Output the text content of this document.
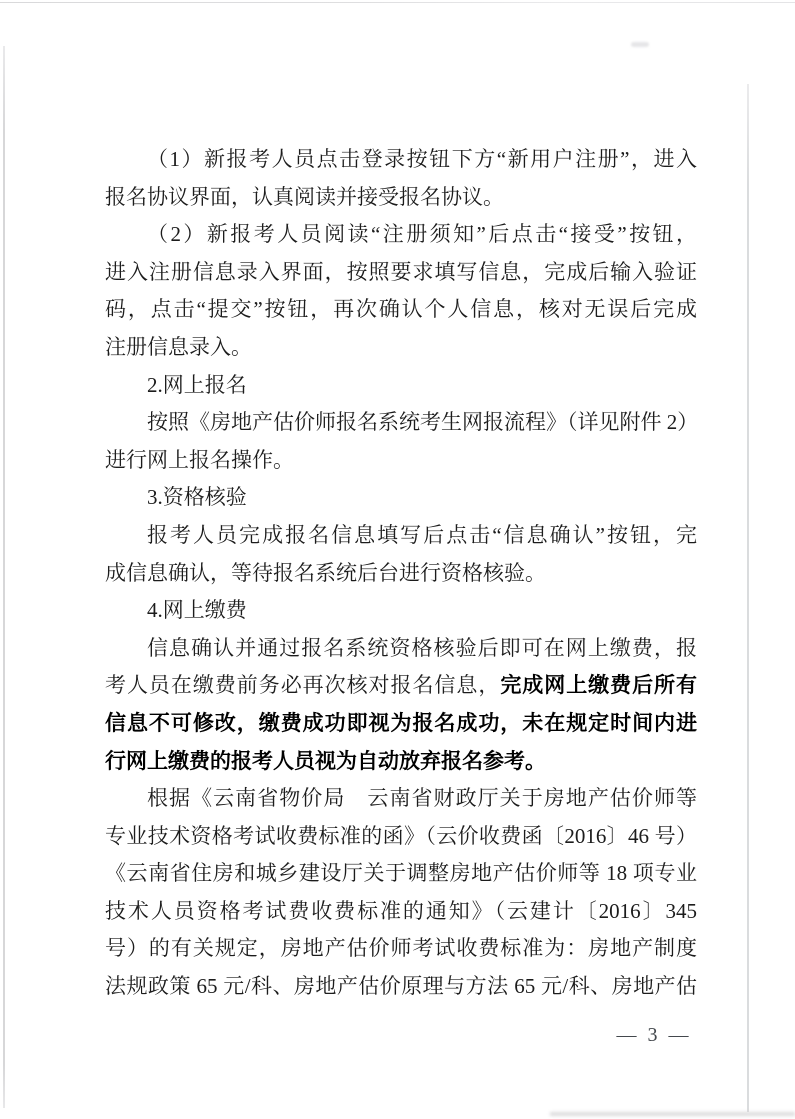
（1）新报考人员点击登录按钮下方“新用户注册”，进入
报名协议界面，认真阅读并接受报名协议。
（2）新报考人员阅读“注册须知”后点击“接受”按钮，
进入注册信息录入界面，按照要求填写信息，完成后输入验证
码，点击“提交”按钮，再次确认个人信息，核对无误后完成
注册信息录入。
2.网上报名
按照《房地产估价师报名系统考生网报流程》（详见附件 2）
进行网上报名操作。
3.资格核验
报考人员完成报名信息填写后点击“信息确认”按钮，完
成信息确认，等待报名系统后台进行资格核验。
4.网上缴费
信息确认并通过报名系统资格核验后即可在网上缴费，报
考人员在缴费前务必再次核对报名信息，完成网上缴费后所有
信息不可修改，缴费成功即视为报名成功，未在规定时间内进
行网上缴费的报考人员视为自动放弃报名参考。
根据《云南省物价局　云南省财政厅关于房地产估价师等
专业技术资格考试收费标准的函》（云价收费函〔2016〕46 号）
《云南省住房和城乡建设厅关于调整房地产估价师等 18 项专业
技术人员资格考试费收费标准的通知》（云建计〔2016〕345
号）的有关规定，房地产估价师考试收费标准为：房地产制度
法规政策 65 元/科、房地产估价原理与方法 65 元/科、房地产估
— 3 —
